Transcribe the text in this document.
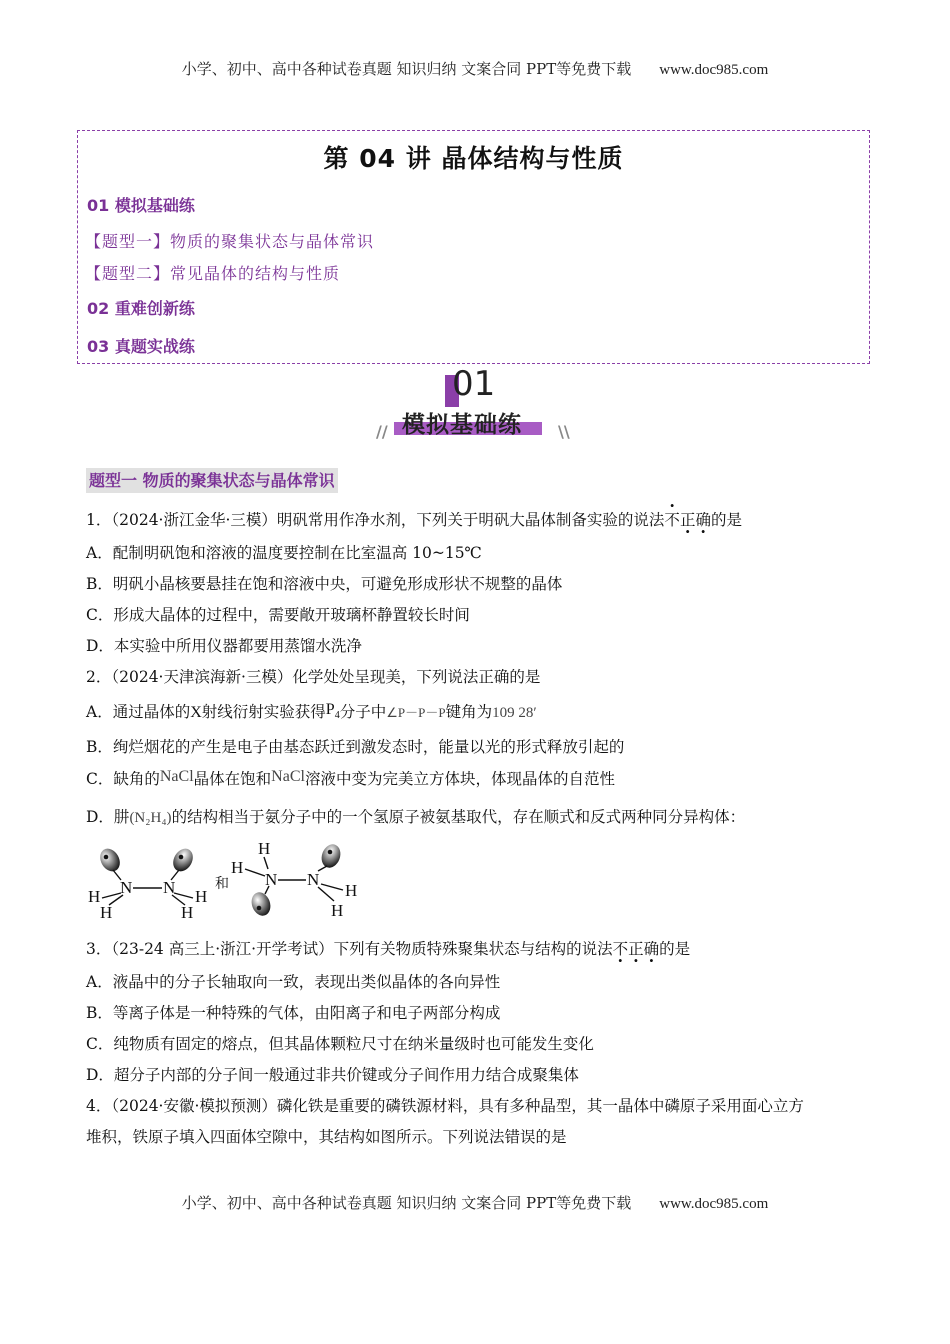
小学、初中、高中各种试卷真题 知识归纳 文案合同 PPT等免费下载 www.doc985.com
第 04 讲 晶体结构与性质
01 模拟基础练
【题型一】物质的聚集状态与晶体常识
【题型二】常见晶体的结构与性质
02 重难创新练
03 真题实战练
01
模拟基础练
//	\\
题型一 物质的聚集状态与晶体常识
1．（2024·浙江金华·三模）明矾常用作净水剂，下列关于明矾大晶体制备实验的说法不正确的是
A．配制明矾饱和溶液的温度要控制在比室温高 10~15℃
B．明矾小晶核要悬挂在饱和溶液中央，可避免形成形状不规整的晶体
C．形成大晶体的过程中，需要敞开玻璃杯静置较长时间
D．本实验中所用仪器都要用蒸馏水洗净
2．（2024·天津滨海新·三模）化学处处呈现美，下列说法正确的是
A．通过晶体的X射线衍射实验获得$P_4$分子中∠P－P－P键角为109 28′
B．绚烂烟花的产生是电子由基态跃迁到激发态时，能量以光的形式释放引起的
C．缺角的NaCl晶体在饱和NaCl溶液中变为完美立方体块，体现晶体的自范性
D．肼(N₂H₄)的结构相当于氨分子中的一个氢原子被氨基取代，存在顺式和反式两种同分异构体：
N N
H
H
H
H
和
H
H
N N
H
H
3．（23-24 高三上·浙江·开学考试）下列有关物质特殊聚集状态与结构的说法不正确的是
A．液晶中的分子长轴取向一致，表现出类似晶体的各向异性
B．等离子体是一种特殊的气体，由阳离子和电子两部分构成
C．纯物质有固定的熔点，但其晶体颗粒尺寸在纳米量级时也可能发生变化
D．超分子内部的分子间一般通过非共价键或分子间作用力结合成聚集体
4．（2024·安徽·模拟预测）磷化铁是重要的磷铁源材料，具有多种晶型，其一晶体中磷原子采用面心立方
堆积，铁原子填入四面体空隙中，其结构如图所示。下列说法错误的是
小学、初中、高中各种试卷真题 知识归纳 文案合同 PPT等免费下载 www.doc985.com
